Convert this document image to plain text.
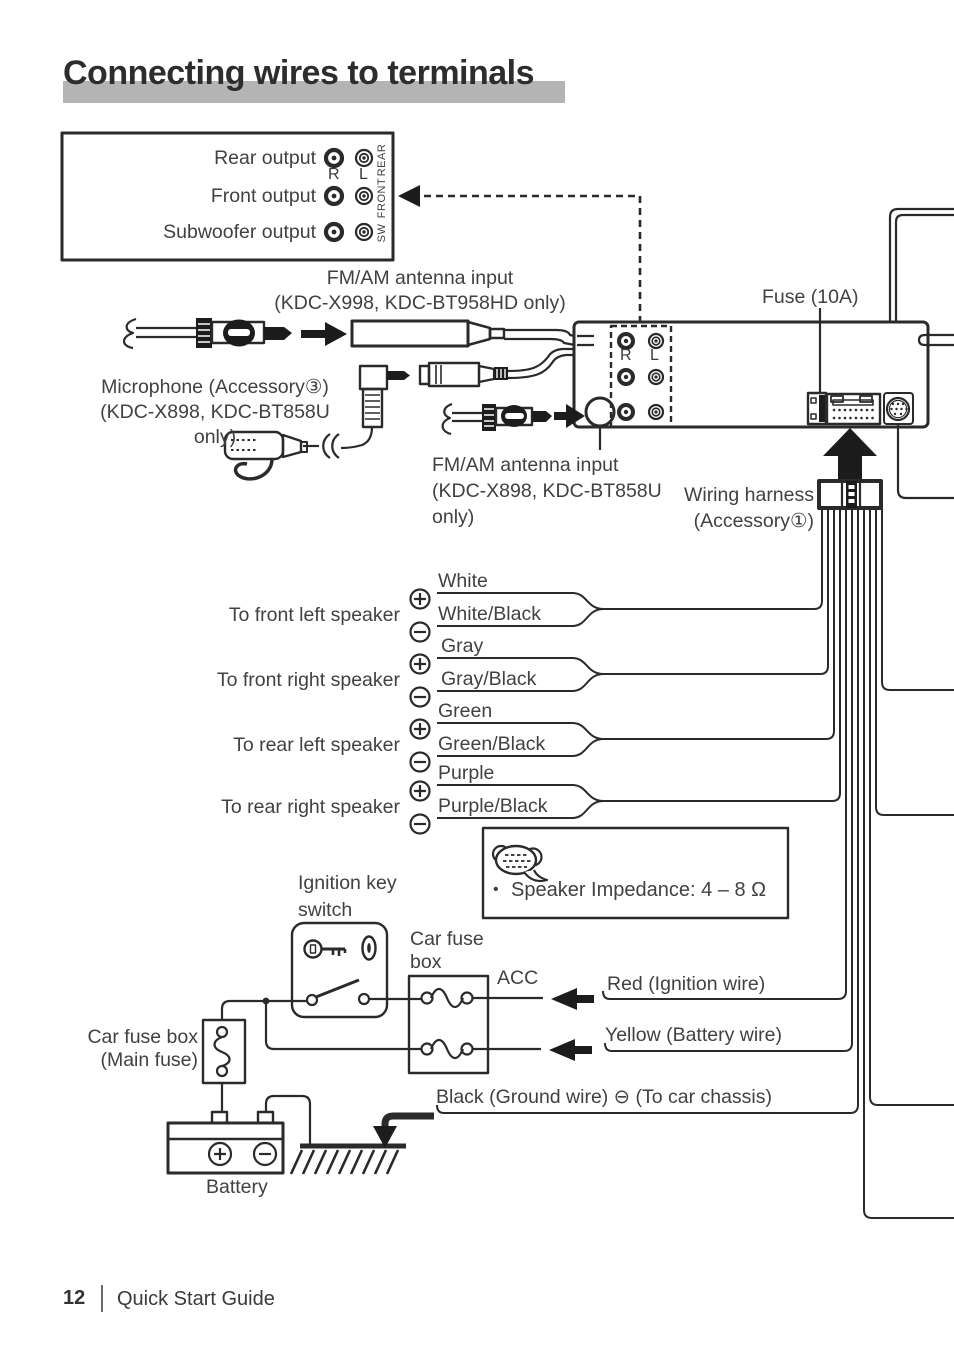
Connecting wires to terminals
Rear output
Front output
Subwoofer output
R L REAR
FRONT
SW
R L
FM/AM antenna input
(KDC-X998, KDC-BT958HD only)
Microphone (Accessory③)
(KDC-X898, KDC-BT858U only)
Fuse (10A)
FM/AM antenna input
(KDC-X898, KDC-BT858U
only)
Wiring harness
(Accessory①)
To front left speaker
White
White/Black
To front right speaker
Gray
Gray/Black
To rear left speaker
Green
Green/Black
To rear right speaker
Purple
Purple/Black
• Speaker Impedance: 4 – 8 Ω
Ignition key
switch
Car fuse
box
Car fuse box
(Main fuse)
ACC	Red (Ignition wire)
Yellow (Battery wire)
Black (Ground wire) ⊖ (To car chassis)
Battery
12 Quick Start Guide
